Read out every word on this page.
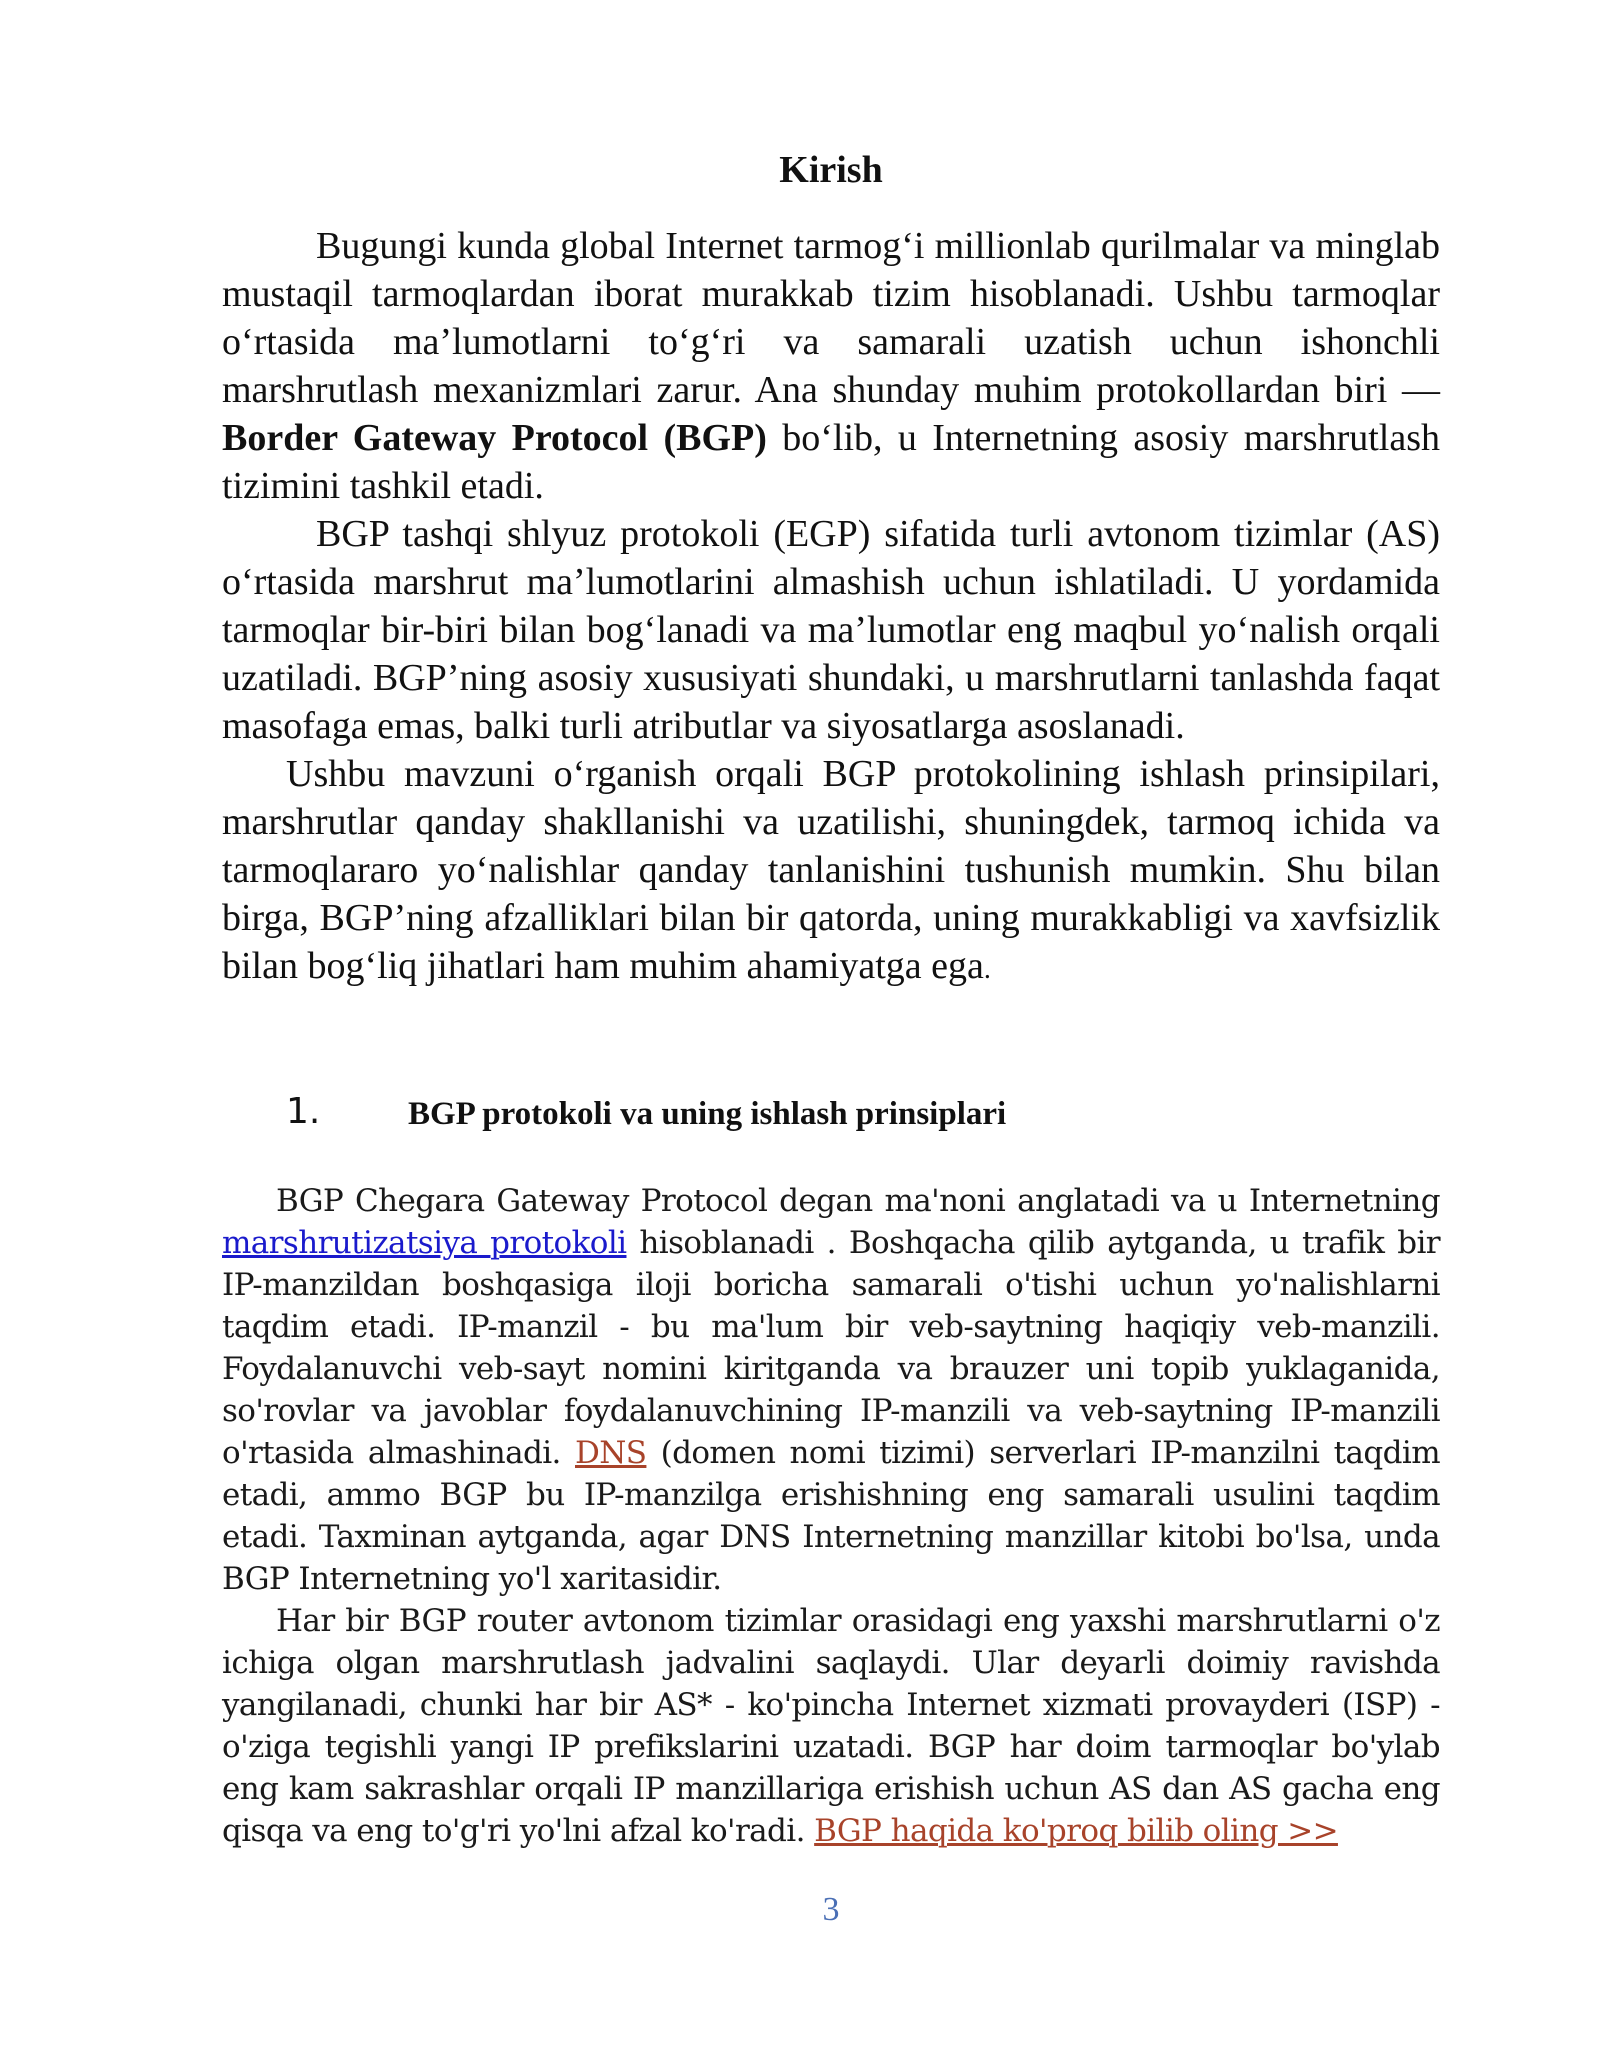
Kirish

Bugungi kunda global Internet tarmog‘i millionlab qurilmalar va minglab mustaqil tarmoqlardan iborat murakkab tizim hisoblanadi. Ushbu tarmoqlar o‘rtasida ma’lumotlarni to‘g‘ri va samarali uzatish uchun ishonchli marshrutlash mexanizmlari zarur. Ana shunday muhim protokollardan biri — Border Gateway Protocol (BGP) bo‘lib, u Internetning asosiy marshrutlash tizimini tashkil etadi.

BGP tashqi shlyuz protokoli (EGP) sifatida turli avtonom tizimlar (AS) o‘rtasida marshrut ma’lumotlarini almashish uchun ishlatiladi. U yordamida tarmoqlar bir-biri bilan bog‘lanadi va ma’lumotlar eng maqbul yo‘nalish orqali uzatiladi. BGP’ning asosiy xususiyati shundaki, u marshrutlarni tanlashda faqat masofaga emas, balki turli atributlar va siyosatlarga asoslanadi.

Ushbu mavzuni o‘rganish orqali BGP protokolining ishlash prinsipilari, marshrutlar qanday shakllanishi va uzatilishi, shuningdek, tarmoq ichida va tarmoqlararo yo‘nalishlar qanday tanlanishini tushunish mumkin. Shu bilan birga, BGP’ning afzalliklari bilan bir qatorda, uning murakkabligi va xavfsizlik bilan bog‘liq jihatlari ham muhim ahamiyatga ega.

1.	BGP protokoli va uning ishlash prinsiplari

BGP Chegara Gateway Protocol degan ma'noni anglatadi va u Internetning marshrutizatsiya protokoli hisoblanadi . Boshqacha qilib aytganda, u trafik bir IP-manzildan boshqasiga iloji boricha samarali o'tishi uchun yo'nalishlarni taqdim etadi. IP-manzil - bu ma'lum bir veb-saytning haqiqiy veb-manzili. Foydalanuvchi veb-sayt nomini kiritganda va brauzer uni topib yuklaganida, so'rovlar va javoblar foydalanuvchining IP-manzili va veb-saytning IP-manzili o'rtasida almashinadi. DNS (domen nomi tizimi) serverlari IP-manzilni taqdim etadi, ammo BGP bu IP-manzilga erishishning eng samarali usulini taqdim etadi. Taxminan aytganda, agar DNS Internetning manzillar kitobi bo'lsa, unda BGP Internetning yo'l xaritasidir.

Har bir BGP router avtonom tizimlar orasidagi eng yaxshi marshrutlarni o'z ichiga olgan marshrutlash jadvalini saqlaydi. Ular deyarli doimiy ravishda yangilanadi, chunki har bir AS* - ko'pincha Internet xizmati provayderi (ISP) - o'ziga tegishli yangi IP prefikslarini uzatadi. BGP har doim tarmoqlar bo'ylab eng kam sakrashlar orqali IP manzillariga erishish uchun AS dan AS gacha eng qisqa va eng to'g'ri yo'lni afzal ko'radi. BGP haqida ko'proq bilib oling >>

3
